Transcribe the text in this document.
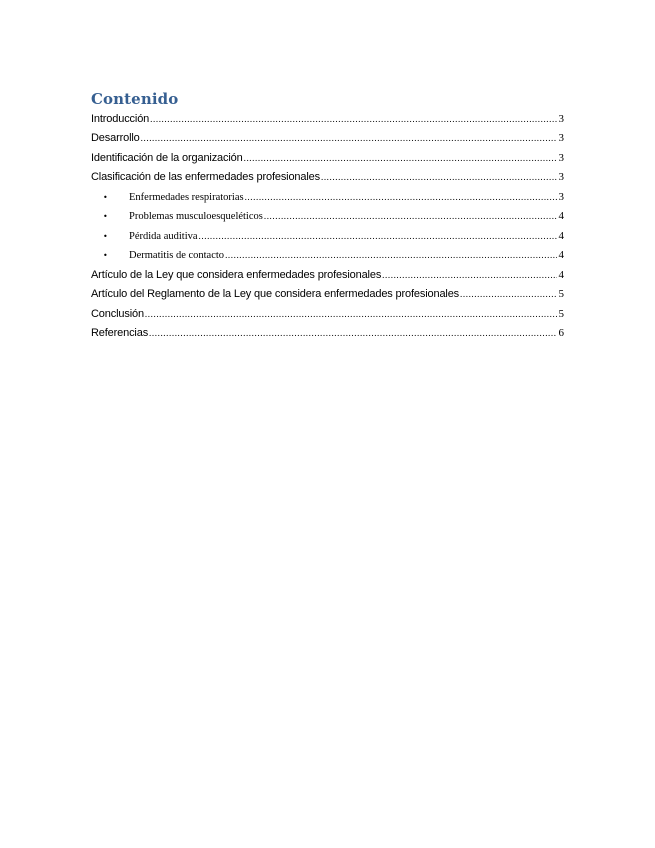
Contenido
Introducción .....	3
Desarrollo .....	3
Identificación de la organización .....	3
Clasificación de las enfermedades profesionales .....	3
•	Enfermedades respiratorias .....	3
•	Problemas musculoesqueléticos .....	4
•	Pérdida auditiva .....	4
•	Dermatitis de contacto .....	4
Artículo de la Ley que considera enfermedades profesionales .....	4
Artículo del Reglamento de la Ley que considera enfermedades profesionales .....	5
Conclusión .....	5
Referencias .....	6
